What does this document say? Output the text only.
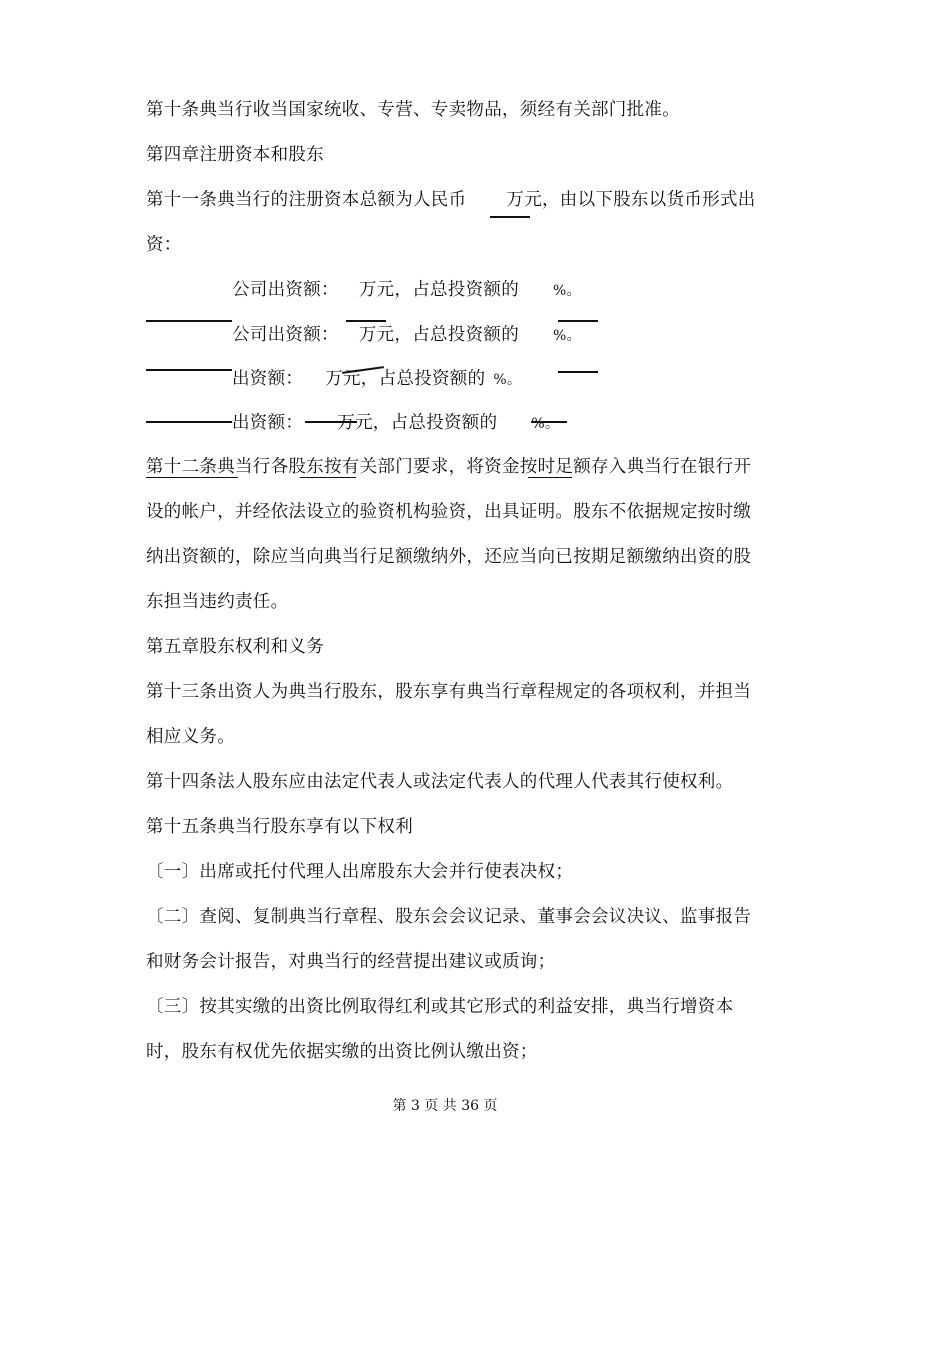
第十条典当行收当国家统收、专营、专卖物品，须经有关部门批准。
第四章注册资本和股东
第十一条典当行的注册资本总额为人民币 万元，由以下股东以货币形式出
资：
公司出资额： 万元，占总投资额的 %。
公司出资额： 万元，占总投资额的 %。
出资额： 万元，占总投资额的 %。
出资额： 万元，占总投资额的 %。
第十二条典当行各股东按有关部门要求，将资金按时足额存入典当行在银行开
设的帐户，并经依法设立的验资机构验资，出具证明。股东不依据规定按时缴
纳出资额的，除应当向典当行足额缴纳外，还应当向已按期足额缴纳出资的股
东担当违约责任。
第五章股东权利和义务
第十三条出资人为典当行股东，股东享有典当行章程规定的各项权利，并担当
相应义务。
第十四条法人股东应由法定代表人或法定代表人的代理人代表其行使权利。
第十五条典当行股东享有以下权利
〔一〕出席或托付代理人出席股东大会并行使表决权；
〔二〕查阅、复制典当行章程、股东会会议记录、董事会会议决议、监事报告
和财务会计报告，对典当行的经营提出建议或质询；
〔三〕按其实缴的出资比例取得红利或其它形式的利益安排，典当行增资本
时，股东有权优先依据实缴的出资比例认缴出资；
第 3 页 共 36 页
